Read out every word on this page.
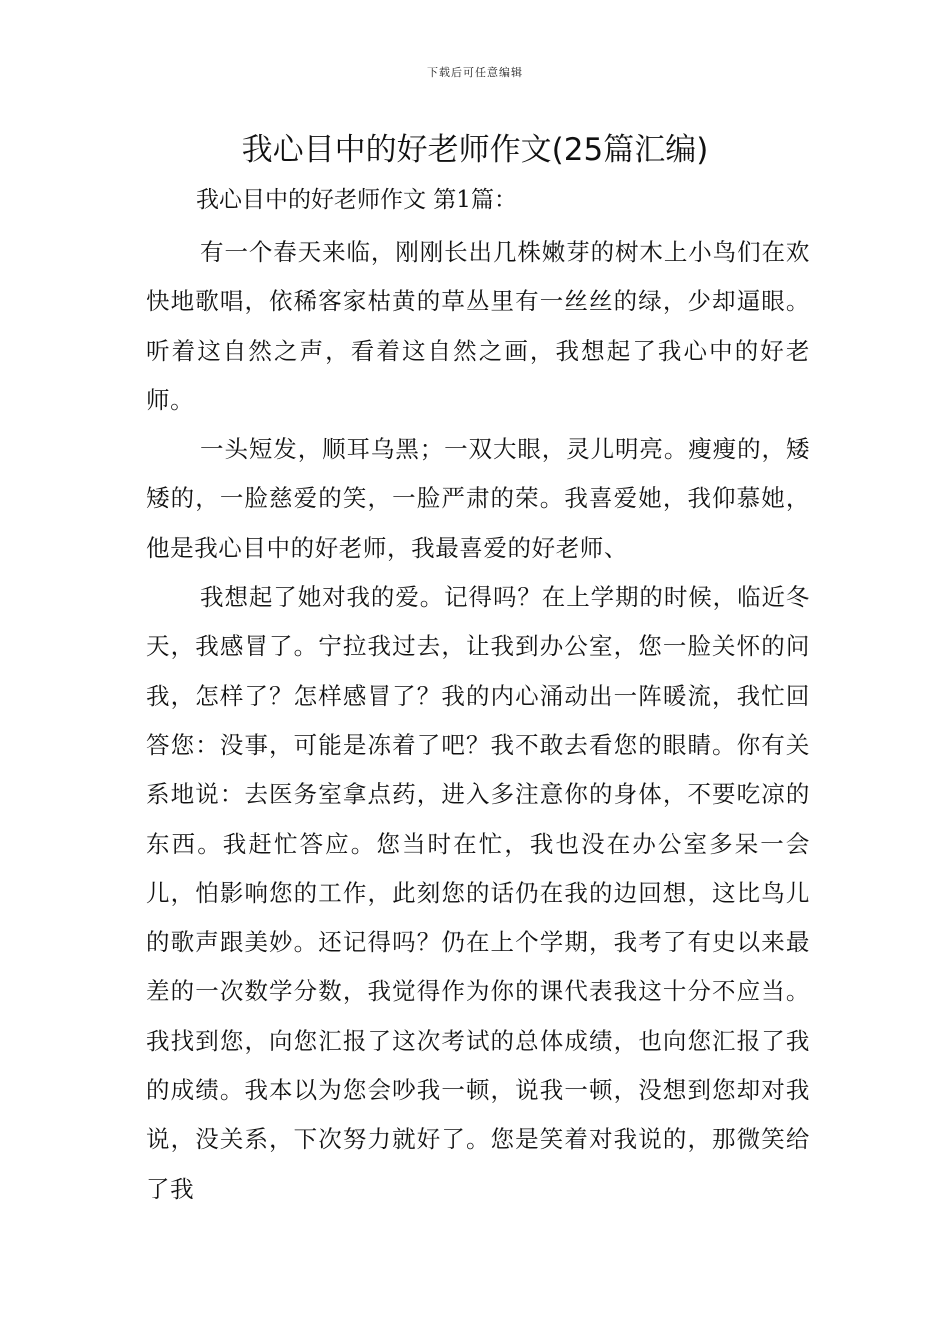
下载后可任意编辑
我心目中的好老师作文(25篇汇编)
我心目中的好老师作文 第1篇：

有一个春天来临，刚刚长出几株嫩芽的树木上小鸟们在欢快地歌唱，依稀客家枯黄的草丛里有一丝丝的绿，少却逼眼。听着这自然之声，看着这自然之画，我想起了我心中的好老师。

一头短发，顺耳乌黑；一双大眼，灵儿明亮。瘦瘦的，矮矮的，一脸慈爱的笑，一脸严肃的荣。我喜爱她，我仰慕她，他是我心目中的好老师，我最喜爱的好老师、

我想起了她对我的爱。记得吗？在上学期的时候，临近冬天，我感冒了。宁拉我过去，让我到办公室，您一脸关怀的问我，怎样了？怎样感冒了？我的内心涌动出一阵暖流，我忙回答您：没事，可能是冻着了吧？我不敢去看您的眼睛。你有关系地说：去医务室拿点药，进入多注意你的身体，不要吃凉的东西。我赶忙答应。您当时在忙，我也没在办公室多呆一会儿，怕影响您的工作，此刻您的话仍在我的边回想，这比鸟儿的歌声跟美妙。还记得吗？仍在上个学期，我考了有史以来最差的一次数学分数，我觉得作为你的课代表我这十分不应当。我找到您，向您汇报了这次考试的总体成绩，也向您汇报了我的成绩。我本以为您会吵我一顿，说我一顿，没想到您却对我说，没关系，下次努力就好了。您是笑着对我说的，那微笑给了我
